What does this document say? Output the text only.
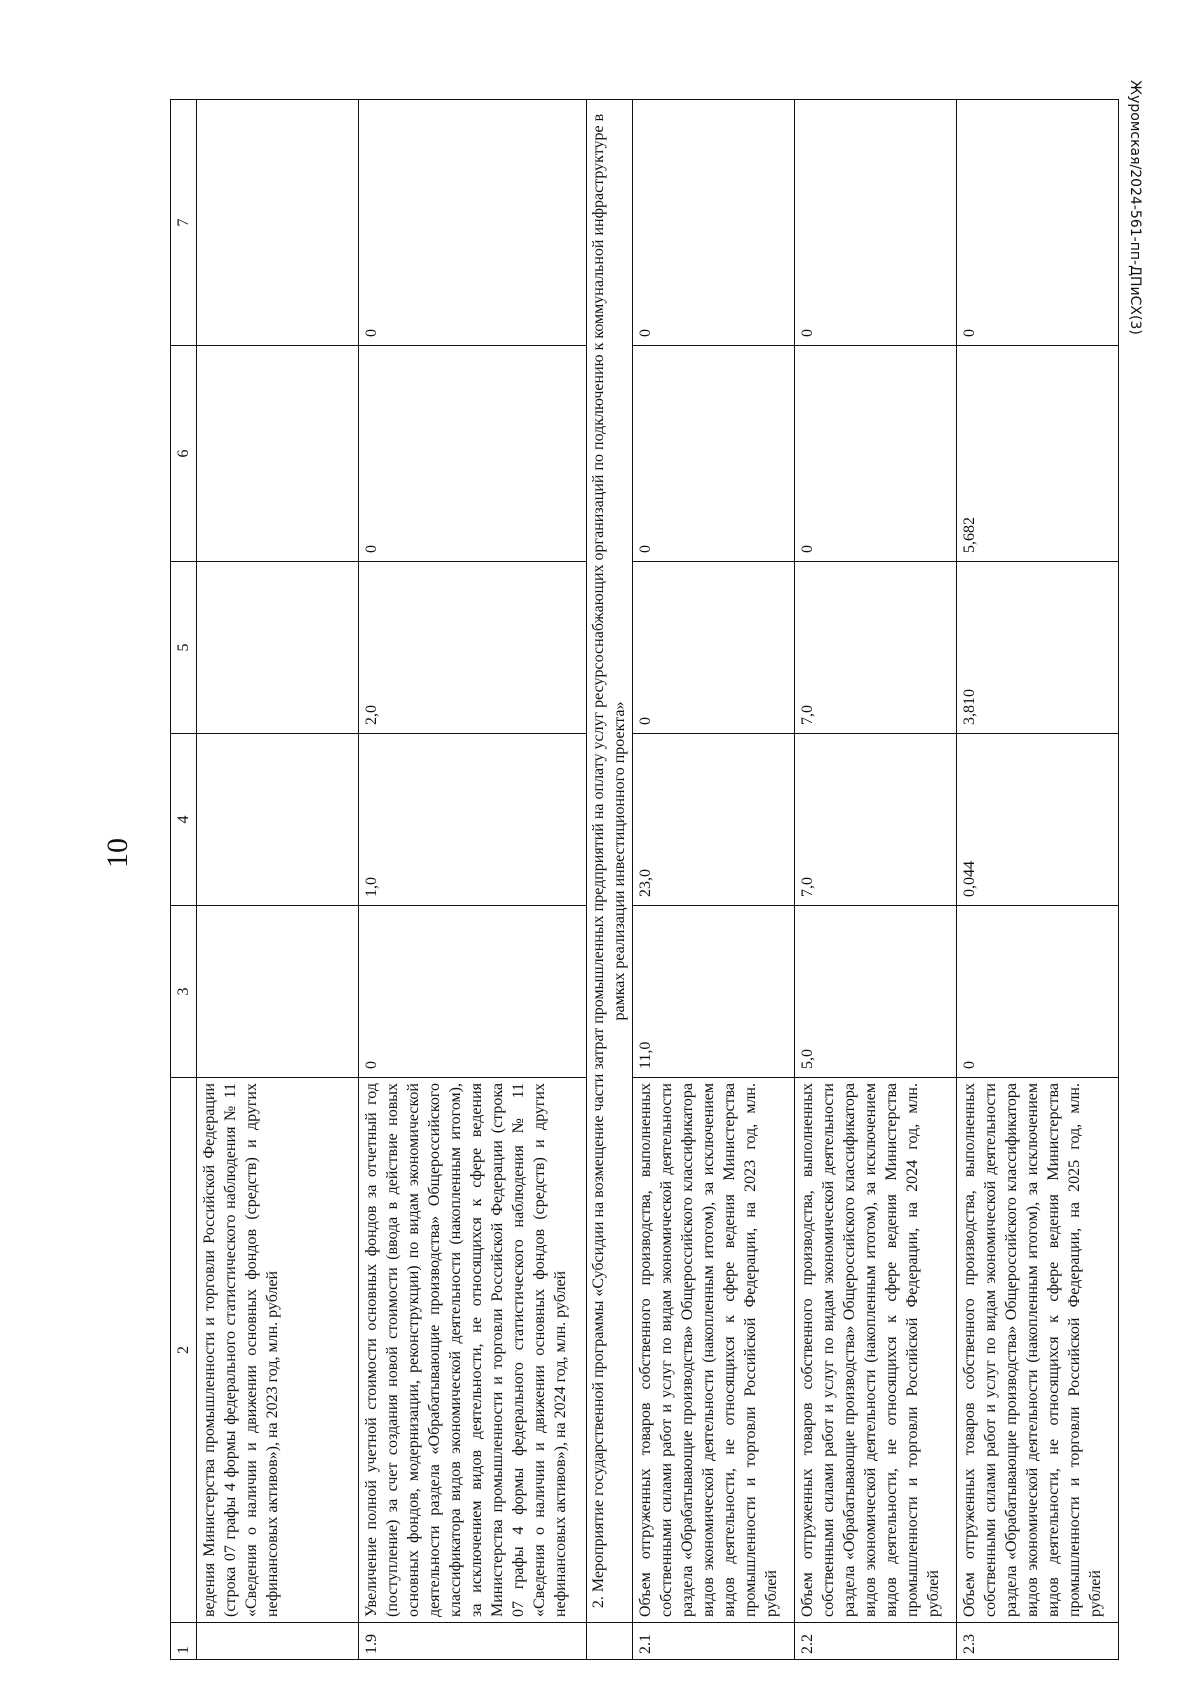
10
Журомская/2024-561-пп-ДПиСХ(3)
1	2	3	4	5	6	7
	ведения Министерства промышленности и торговли Российской Федерации (строка 07 графы 4 формы федерального статистического наблюдения № 11 «Сведения о наличии и движении основных фондов (средств) и других нефинансовых активов»), на 2023 год, млн. рублей					
1.9	Увеличение полной учетной стоимости основных фондов за отчетный год (поступление) за счет создания новой стоимости (ввода в действие новых основных фондов, модернизации, реконструкции) по видам экономической деятельности раздела «Обрабатывающие производства» Общероссийского классификатора видов экономической деятельности (накопленным итогом), за исключением видов деятельности, не относящихся к сфере ведения Министерства промышленности и торговли Российской Федерации (строка 07 графы 4 формы федерального статистического наблюдения № 11 «Сведения о наличии и движении основных фондов (средств) и других нефинансовых активов»), на 2024 год, млн. рублей	0	1,0	2,0	0	0
	2. Мероприятие государственной программы «Субсидии на возмещение части затрат промышленных предприятий на оплату услуг ресурсоснабжающих организаций по подключению к коммунальной инфраструктуре в рамках реализации инвестиционного проекта»					
2.1	Объем отгруженных товаров собственного производства, выполненных собственными силами работ и услуг по видам экономической деятельности раздела «Обрабатывающие производства» Общероссийского классификатора видов экономической деятельности (накопленным итогом), за исключением видов деятельности, не относящихся к сфере ведения Министерства промышленности и торговли Российской Федерации, на 2023 год, млн. рублей	11,0	23,0	0	0	0
2.2	Объем отгруженных товаров собственного производства, выполненных собственными силами работ и услуг по видам экономической деятельности раздела «Обрабатывающие производства» Общероссийского классификатора видов экономической деятельности (накопленным итогом), за исключением видов деятельности, не относящихся к сфере ведения Министерства промышленности и торговли Российской Федерации, на 2024 год, млн. рублей	5,0	7,0	7,0	0	0
2.3	Объем отгруженных товаров собственного производства, выполненных собственными силами работ и услуг по видам экономической деятельности раздела «Обрабатывающие производства» Общероссийского классификатора видов экономической деятельности (накопленным итогом), за исключением видов деятельности, не относящихся к сфере ведения Министерства промышленности и торговли Российской Федерации, на 2025 год, млн. рублей	0	0,044	3,810	5,682	0
